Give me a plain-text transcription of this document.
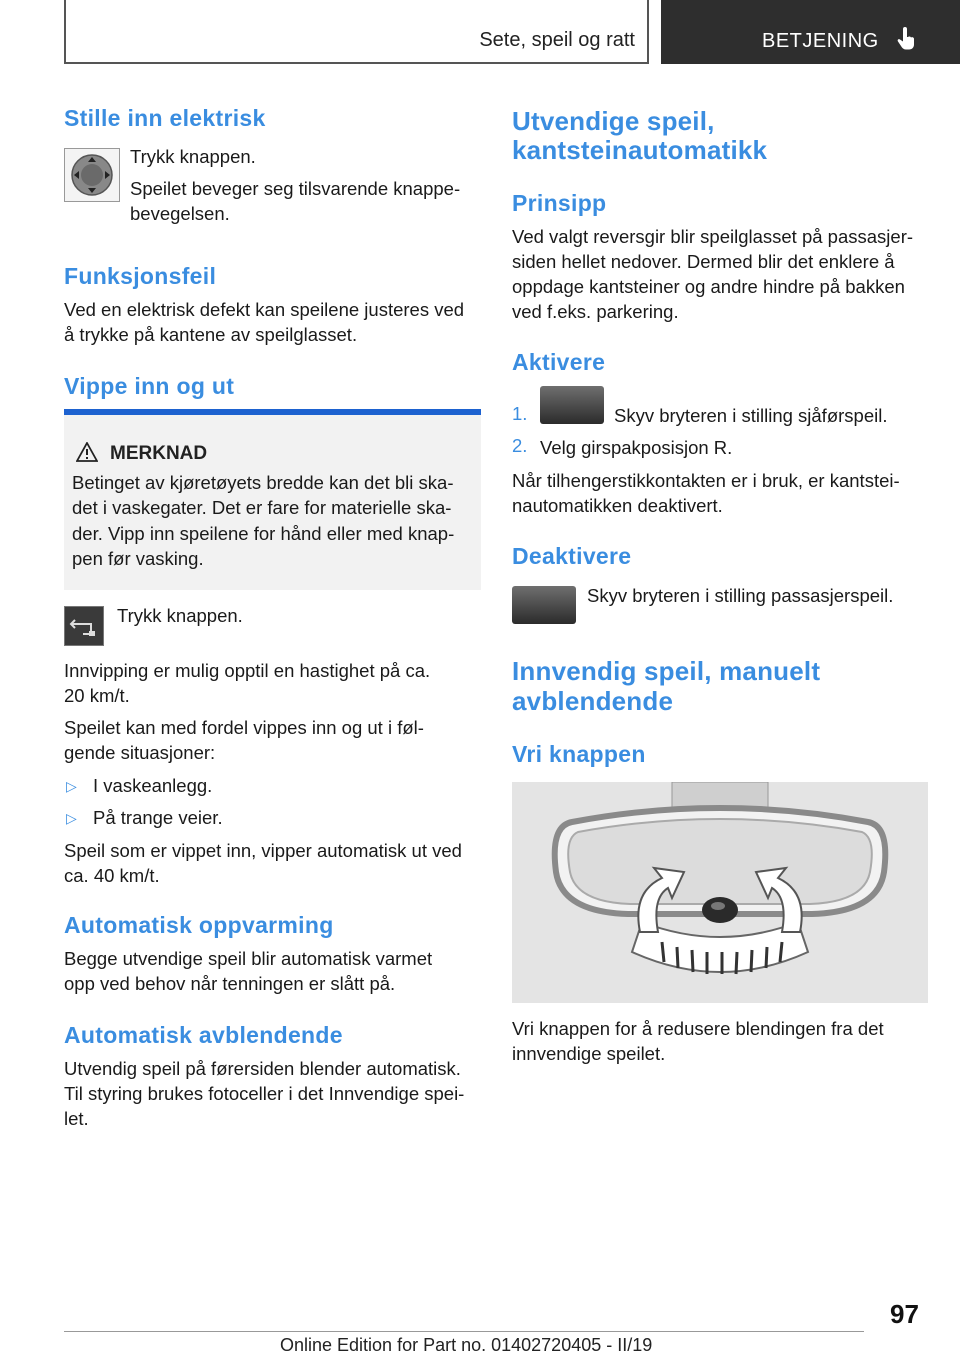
Sete, speil og ratt	BETJENING
Stille inn elektrisk

Trykk knappen.

Speilet beveger seg tilsvarende knappe-

bevegelsen.

Funksjonsfeil

Ved en elektrisk defekt kan speilene justeres ved

å trykke på kantene av speilglasset.

Vippe inn og ut
MERKNAD

Betinget av kjøretøyets bredde kan det bli ska-

det i vaskegater. Det er fare for materielle ska-

der. Vipp inn speilene for hånd eller med knap-

pen før vasking.

Trykk knappen.

Innvipping er mulig opptil en hastighet på ca.

20 km/t.

Speilet kan med fordel vippes inn og ut i føl-

gende situasjoner:

▷ I vaskeanlegg.

▷ På trange veier.

Speil som er vippet inn, vipper automatisk ut ved

ca. 40 km/t.

Automatisk oppvarming

Begge utvendige speil blir automatisk varmet

opp ved behov når tenningen er slått på.

Automatisk avblendende

Utvendig speil på førersiden blender automatisk.

Til styring brukes fotoceller i det Innvendige spei-

let.

Utvendige speil,
kantsteinautomatikk
Prinsipp

Ved valgt reversgir blir speilglasset på passasjer-

siden hellet nedover. Dermed blir det enklere å

oppdage kantsteiner og andre hindre på bakken

ved f.eks. parkering.

Aktivere
1.	Skyv bryteren i stilling sjåførspeil.

2. Velg girspakposisjon R.

Når tilhengerstikkontakten er i bruk, er kantstei-

nautomatikken deaktivert.

Deaktivere

Skyv bryteren i stilling passasjerspeil.

Innvendig speil, manuelt
avblendende
Vri knappen

Vri knappen for å redusere blendingen fra det

innvendige speilet.

97
Online Edition for Part no. 01402720405 - II/19
